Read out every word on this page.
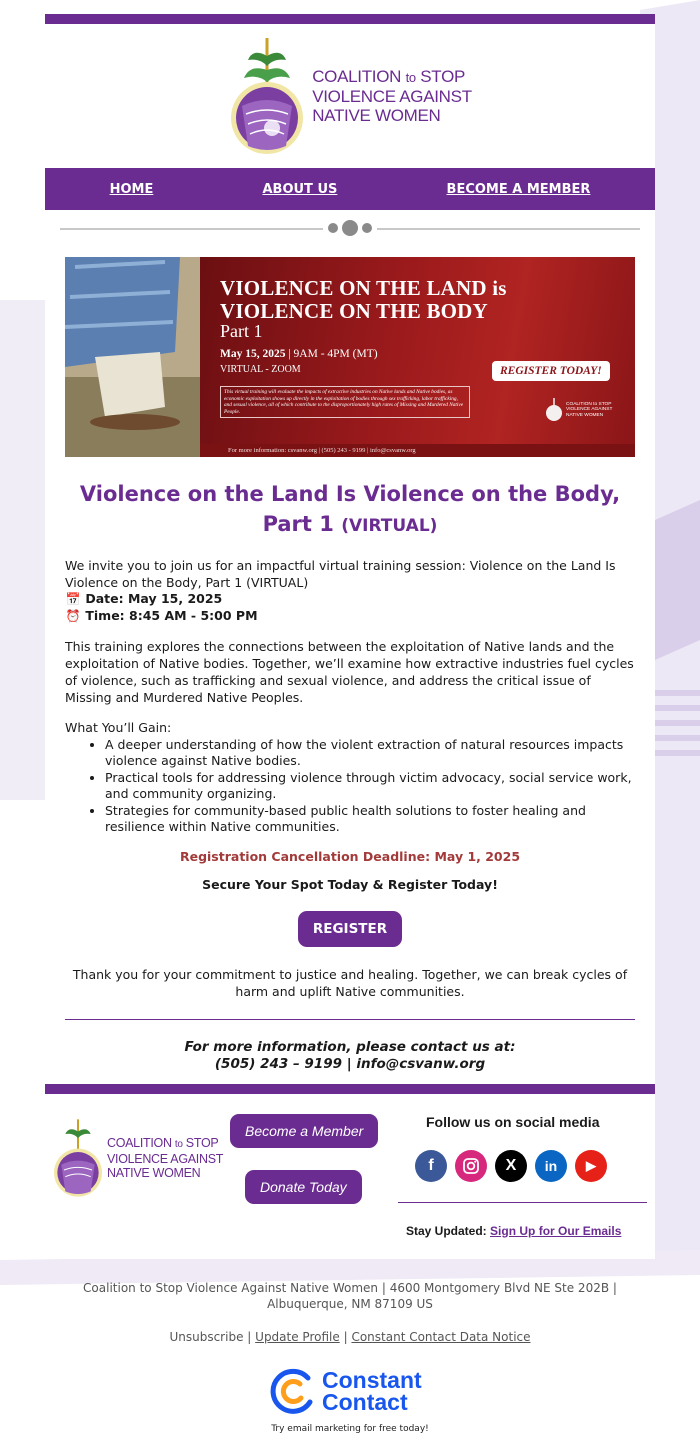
COALITION to STOP
VIOLENCE AGAINST
NATIVE WOMEN
HOME	ABOUT US	BECOME A MEMBER
VIOLENCE ON THE LAND is
VIOLENCE ON THE BODY
Part 1
May 15, 2025 | 9AM - 4PM (MT)
VIRTUAL - ZOOM
This virtual training will evaluate the impacts of extractive industries on Native lands and Native bodies, as economic exploitation shows up directly in the exploitation of bodies through sex trafficking, labor trafficking, and sexual violence, all of which contribute to the disproportionately high rates of Missing and Murdered Native People.
REGISTER TODAY!
COALITION to STOP
VIOLENCE AGAINST
NATIVE WOMEN
For more information: csvanw.org | (505) 243 - 9199 | info@csvanw.org
Violence on the Land Is Violence on the Body, Part 1 (VIRTUAL)
We invite you to join us for an impactful virtual training session: Violence on the Land Is Violence on the Body, Part 1 (VIRTUAL)
📅 Date: May 15, 2025
⏰ Time: 8:45 AM - 5:00 PM

This training explores the connections between the exploitation of Native lands and the exploitation of Native bodies. Together, we’ll examine how extractive industries fuel cycles of violence, such as trafficking and sexual violence, and address the critical issue of Missing and Murdered Native Peoples.

What You’ll Gain:
• A deeper understanding of how the violent extraction of natural resources impacts violence against Native bodies.
• Practical tools for addressing violence through victim advocacy, social service work, and community organizing.
• Strategies for community-based public health solutions to foster healing and resilience within Native communities.
Registration Cancellation Deadline: May 1, 2025
Secure Your Spot Today & Register Today!
REGISTER
Thank you for your commitment to justice and healing. Together, we can break cycles of harm and uplift Native communities.
For more information, please contact us at:
(505) 243 – 9199 | info@csvanw.org
COALITION to STOP
VIOLENCE AGAINST
NATIVE WOMEN
Become a Member
Donate Today
Follow us on social media
f	X	in	▶
Stay Updated: Sign Up for Our Emails
Coalition to Stop Violence Against Native Women | 4600 Montgomery Blvd NE Ste 202B |
Albuquerque, NM 87109 US
Unsubscribe | Update Profile | Constant Contact Data Notice
Constant
Contact
Try email marketing for free today!
